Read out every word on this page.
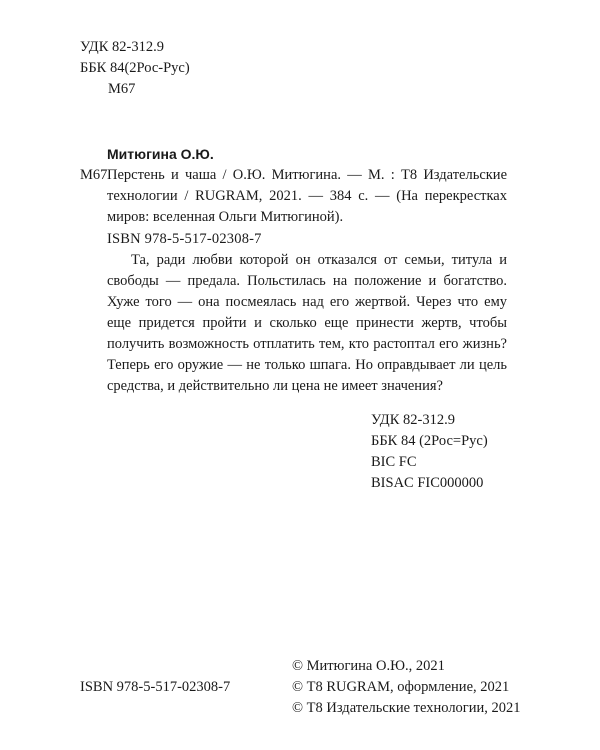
УДК 82-312.9
ББК 84(2Рос-Рус)
М67
Митюгина О.Ю.
М67 Перстень и чаша / О.Ю. Митюгина. — М. : Т8 Издательские технологии / RUGRAM, 2021. — 384 с. — (На перекрестках миров: вселенная Ольги Митюгиной).
ISBN 978-5-517-02308-7
Та, ради любви которой он отказался от семьи, титула и свободы — предала. Польстилась на положение и богатство. Хуже того — она посмеялась над его жертвой. Через что ему еще придется пройти и сколько еще принести жертв, чтобы получить возможность отплатить тем, кто растоптал его жизнь? Теперь его оружие — не только шпага. Но оправдывает ли цель средства, и действительно ли цена не имеет значения?
УДК 82-312.9
ББК 84 (2Рос=Рус)
BIC FC
BISAC FIC000000
ISBN 978-5-517-02308-7
© Митюгина О.Ю., 2021
© Т8 RUGRAM, оформление, 2021
© Т8 Издательские технологии, 2021
